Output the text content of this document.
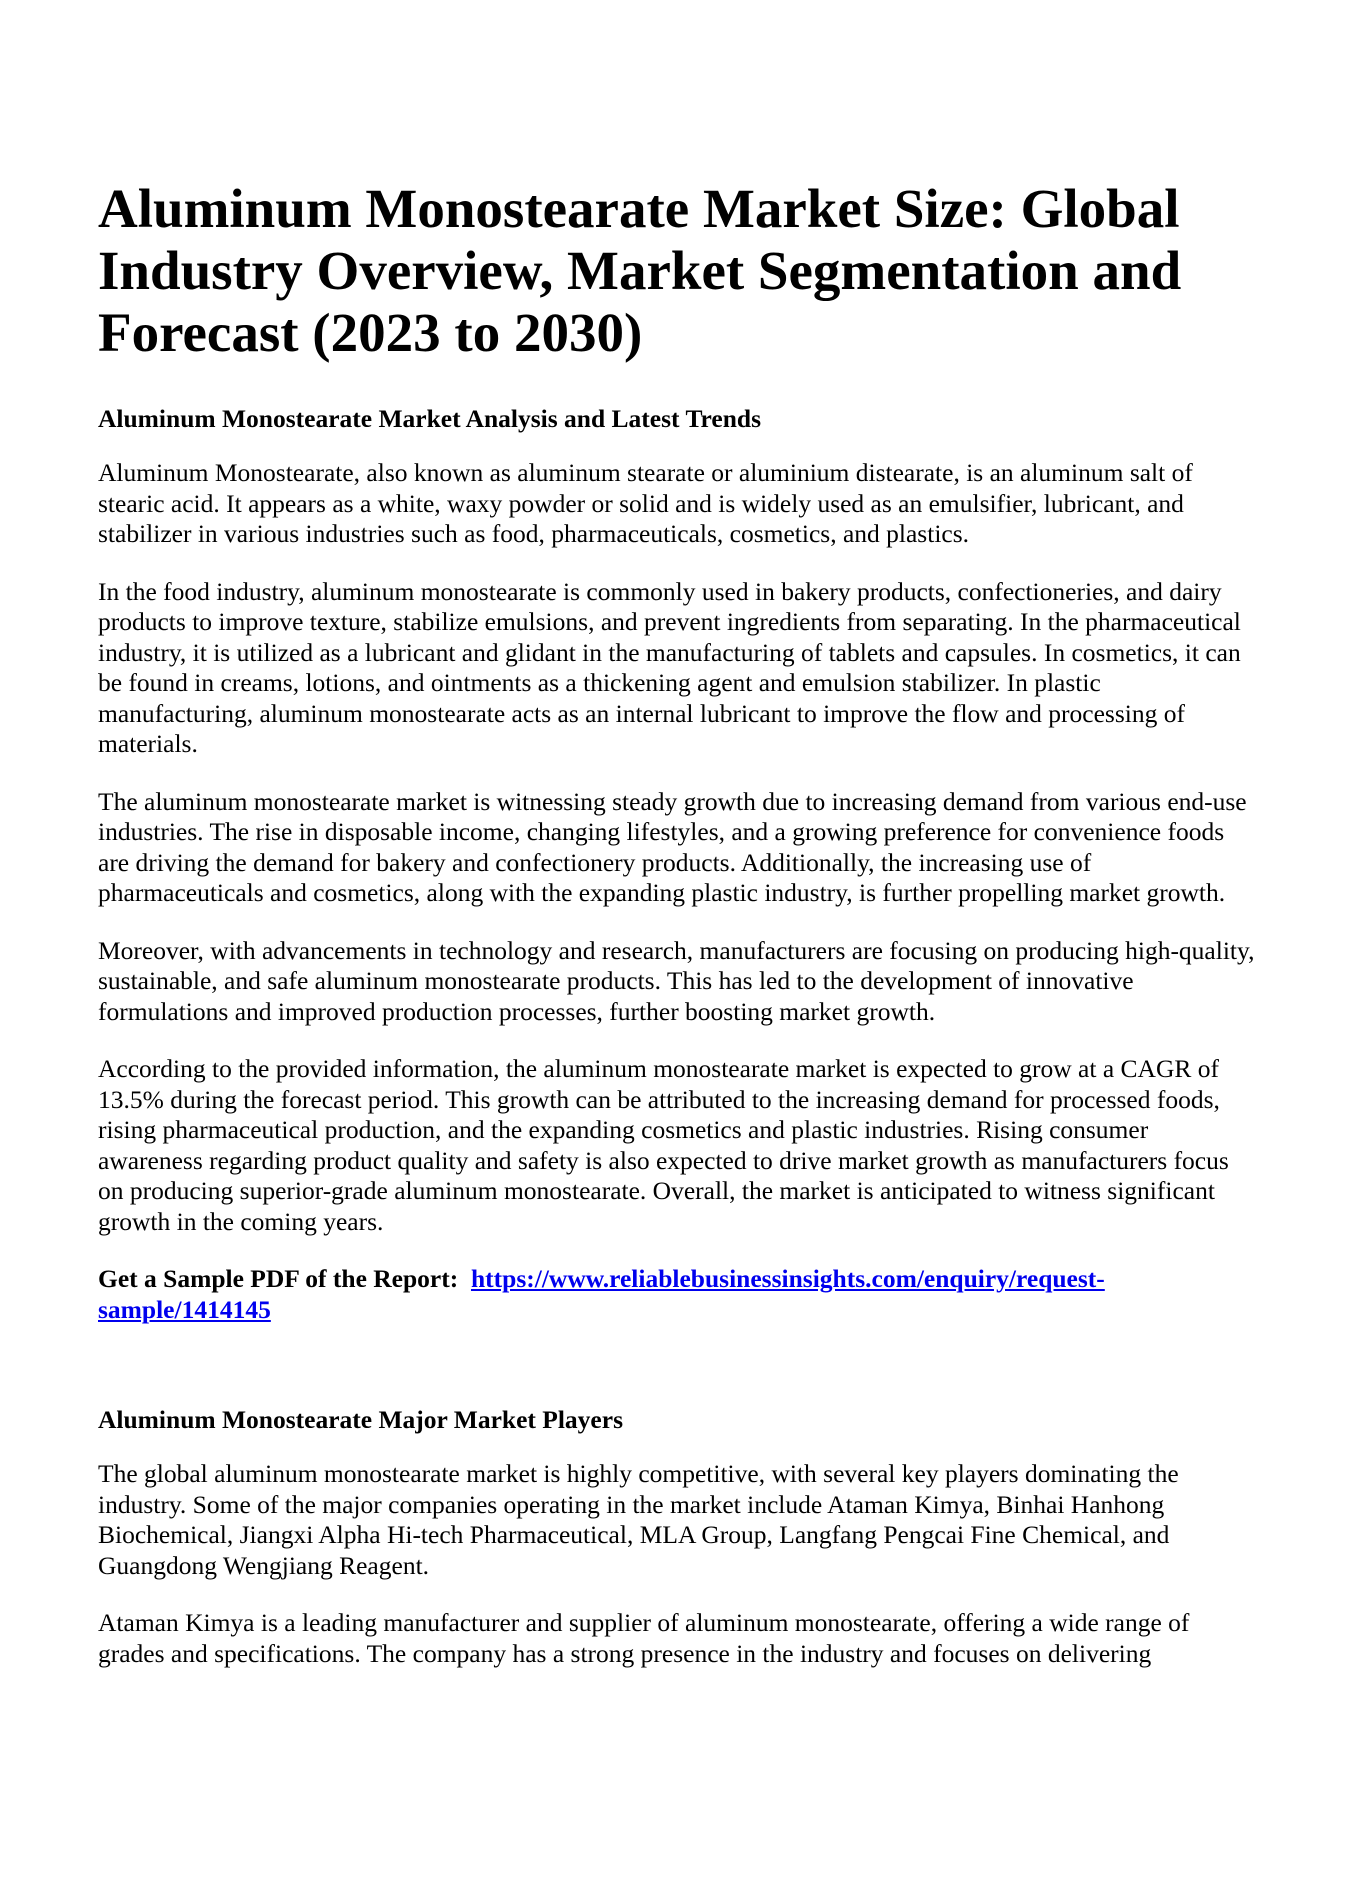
Aluminum Monostearate Market Size: Global Industry Overview, Market Segmentation and Forecast (2023 to 2030)
Aluminum Monostearate Market Analysis and Latest Trends

Aluminum Monostearate, also known as aluminum stearate or aluminium distearate, is an aluminum salt of stearic acid. It appears as a white, waxy powder or solid and is widely used as an emulsifier, lubricant, and stabilizer in various industries such as food, pharmaceuticals, cosmetics, and plastics.

In the food industry, aluminum monostearate is commonly used in bakery products, confectioneries, and dairy products to improve texture, stabilize emulsions, and prevent ingredients from separating. In the pharmaceutical industry, it is utilized as a lubricant and glidant in the manufacturing of tablets and capsules. In cosmetics, it can be found in creams, lotions, and ointments as a thickening agent and emulsion stabilizer. In plastic manufacturing, aluminum monostearate acts as an internal lubricant to improve the flow and processing of materials.

The aluminum monostearate market is witnessing steady growth due to increasing demand from various end-use industries. The rise in disposable income, changing lifestyles, and a growing preference for convenience foods are driving the demand for bakery and confectionery products. Additionally, the increasing use of pharmaceuticals and cosmetics, along with the expanding plastic industry, is further propelling market growth.

Moreover, with advancements in technology and research, manufacturers are focusing on producing high-quality, sustainable, and safe aluminum monostearate products. This has led to the development of innovative formulations and improved production processes, further boosting market growth.

According to the provided information, the aluminum monostearate market is expected to grow at a CAGR of 13.5% during the forecast period. This growth can be attributed to the increasing demand for processed foods, rising pharmaceutical production, and the expanding cosmetics and plastic industries. Rising consumer awareness regarding product quality and safety is also expected to drive market growth as manufacturers focus on producing superior-grade aluminum monostearate. Overall, the market is anticipated to witness significant growth in the coming years.

Get a Sample PDF of the Report: https://www.reliablebusinessinsights.com/enquiry/request-sample/1414145

Aluminum Monostearate Major Market Players

The global aluminum monostearate market is highly competitive, with several key players dominating the industry. Some of the major companies operating in the market include Ataman Kimya, Binhai Hanhong Biochemical, Jiangxi Alpha Hi-tech Pharmaceutical, MLA Group, Langfang Pengcai Fine Chemical, and Guangdong Wengjiang Reagent.

Ataman Kimya is a leading manufacturer and supplier of aluminum monostearate, offering a wide range of grades and specifications. The company has a strong presence in the industry and focuses on delivering
